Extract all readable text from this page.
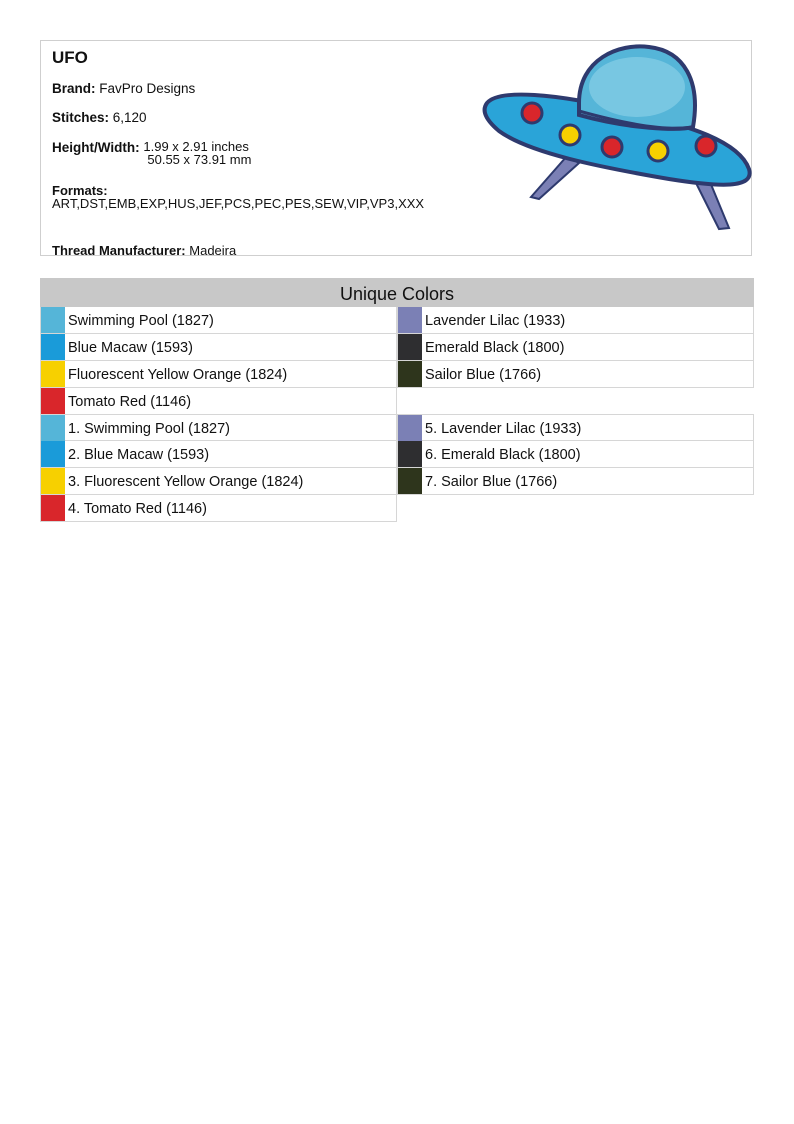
UFO
Brand: FavPro Designs
Stitches: 6,120
Height/Width: 1.99 x 2.91 inches
50.55 x 73.91 mm
Formats:
ART,DST,EMB,EXP,HUS,JEF,PCS,PEC,PES,SEW,VIP,VP3,XXX
Thread Manufacturer: Madeira
Unique Colors
Swimming Pool (1827)
Blue Macaw (1593)
Fluorescent Yellow Orange (1824)
Tomato Red (1146)
Lavender Lilac (1933)
Emerald Black (1800)
Sailor Blue (1766)
1. Swimming Pool (1827)
2. Blue Macaw (1593)
3. Fluorescent Yellow Orange (1824)
4. Tomato Red (1146)
5. Lavender Lilac (1933)
6. Emerald Black (1800)
7. Sailor Blue (1766)
